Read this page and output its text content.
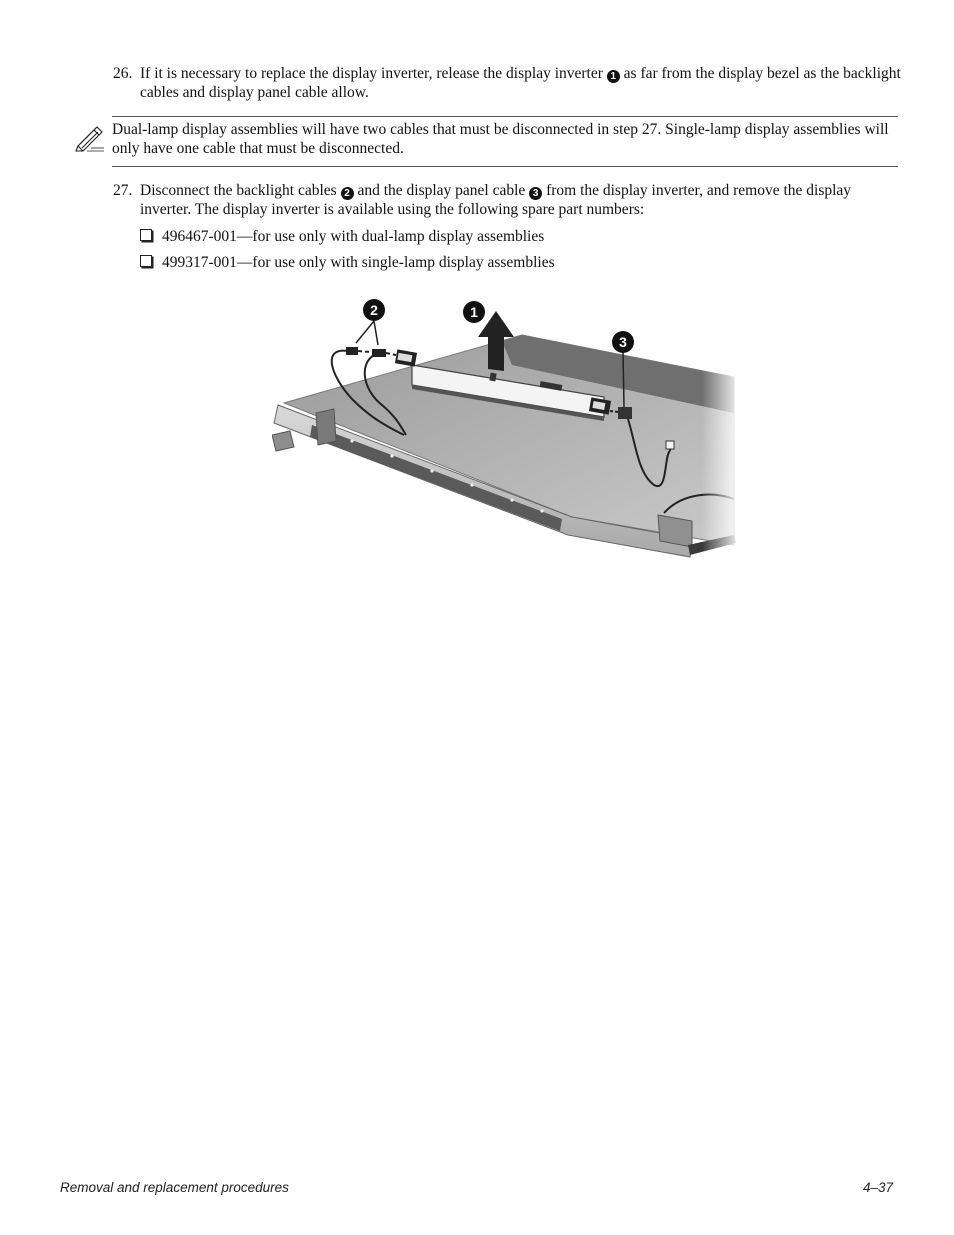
26. If it is necessary to replace the display inverter, release the display inverter 1 as far from the display bezel as the backlight cables and display panel cable allow.
Dual-lamp display assemblies will have two cables that must be disconnected in step 27. Single-lamp display assemblies will only have one cable that must be disconnected.
27. Disconnect the backlight cables 2 and the display panel cable 3 from the display inverter, and remove the display inverter. The display inverter is available using the following spare part numbers:
496467-001—for use only with dual-lamp display assemblies
499317-001—for use only with single-lamp display assemblies
1
2
3
Removal and replacement procedures	4–37
